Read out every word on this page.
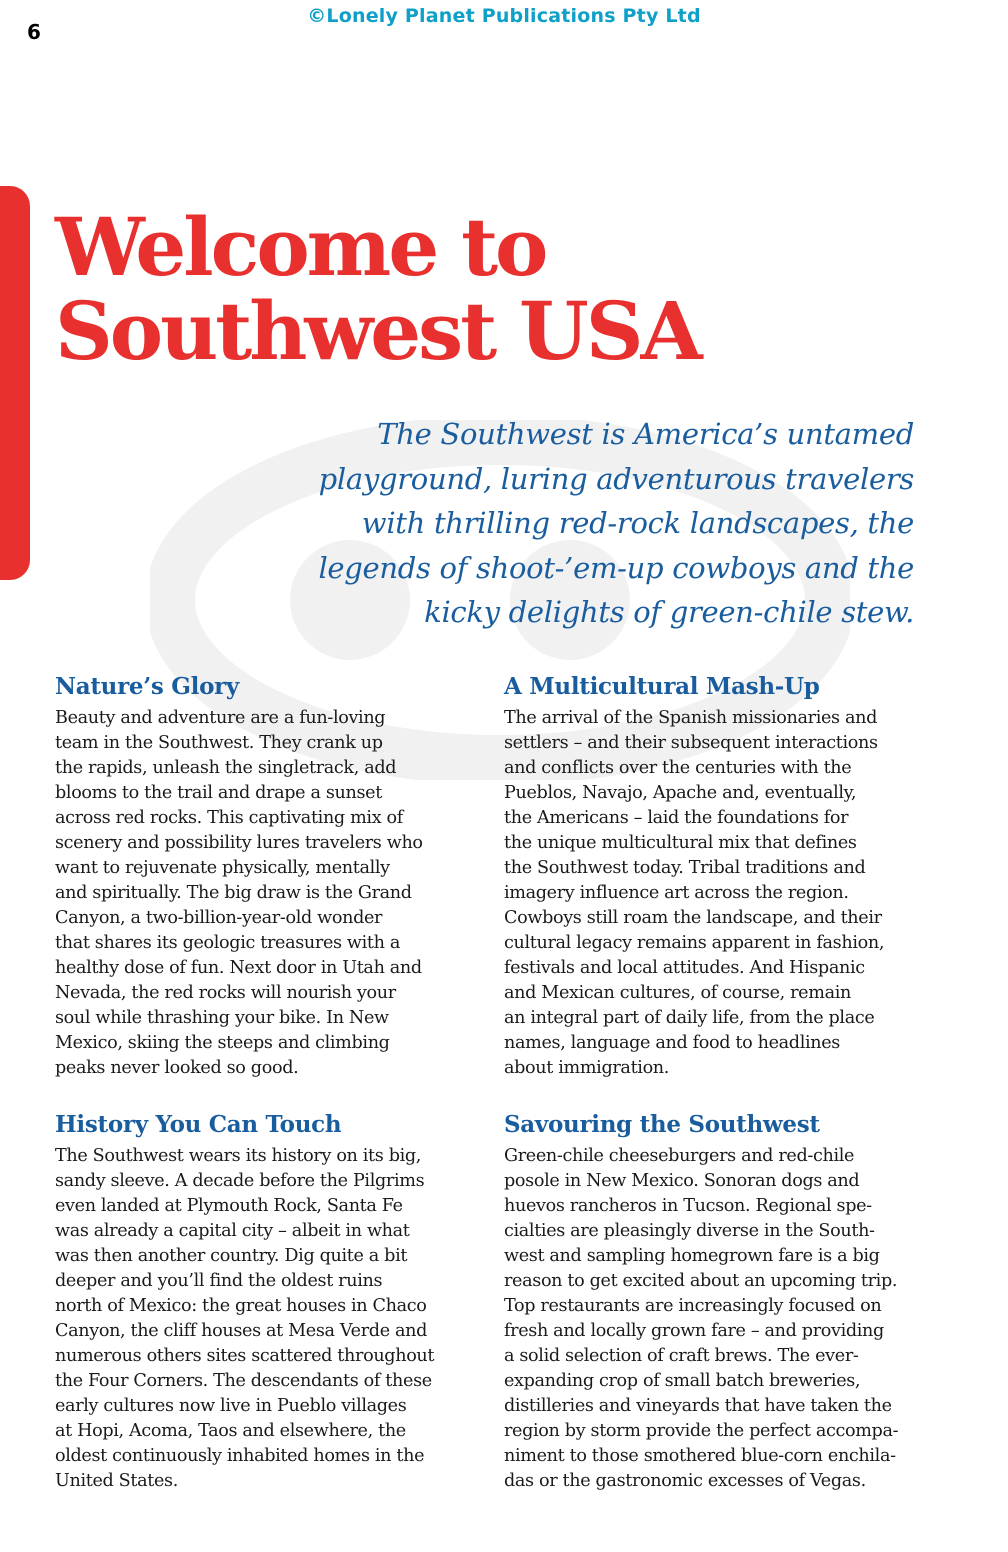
©Lonely Planet Publications Pty Ltd
6
Welcome to
Southwest USA

The Southwest is America’s untamed
playground, luring adventurous travelers
with thrilling red-rock landscapes, the
legends of shoot-’em-up cowboys and the
kicky delights of green-chile stew.

Nature’s Glory

Beauty and adventure are a fun-loving
team in the Southwest. They crank up
the rapids, unleash the singletrack, add
blooms to the trail and drape a sunset
across red rocks. This captivating mix of
scenery and possibility lures travelers who
want to rejuvenate physically, mentally
and spiritually. The big draw is the Grand
Canyon, a two-billion-year-old wonder
that shares its geologic treasures with a
healthy dose of fun. Next door in Utah and
Nevada, the red rocks will nourish your
soul while thrashing your bike. In New
Mexico, skiing the steeps and climbing
peaks never looked so good.

A Multicultural Mash-Up

The arrival of the Spanish missionaries and
settlers – and their subsequent interactions
and conflicts over the centuries with the
Pueblos, Navajo, Apache and, eventually,
the Americans – laid the foundations for
the unique multicultural mix that defines
the Southwest today. Tribal traditions and
imagery influence art across the region.
Cowboys still roam the landscape, and their
cultural legacy remains apparent in fashion,
festivals and local attitudes. And Hispanic
and Mexican cultures, of course, remain
an integral part of daily life, from the place
names, language and food to headlines
about immigration.

History You Can Touch

The Southwest wears its history on its big,
sandy sleeve. A decade before the Pilgrims
even landed at Plymouth Rock, Santa Fe
was already a capital city – albeit in what
was then another country. Dig quite a bit
deeper and you’ll find the oldest ruins
north of Mexico: the great houses in Chaco
Canyon, the cliff houses at Mesa Verde and
numerous others sites scattered throughout
the Four Corners. The descendants of these
early cultures now live in Pueblo villages
at Hopi, Acoma, Taos and elsewhere, the
oldest continuously inhabited homes in the
United States.

Savouring the Southwest

Green-chile cheeseburgers and red-chile
posole in New Mexico. Sonoran dogs and
huevos rancheros in Tucson. Regional spe-
cialties are pleasingly diverse in the South-
west and sampling homegrown fare is a big
reason to get excited about an upcoming trip.
Top restaurants are increasingly focused on
fresh and locally grown fare – and providing
a solid selection of craft brews. The ever-
expanding crop of small batch breweries,
distilleries and vineyards that have taken the
region by storm provide the perfect accompa-
niment to those smothered blue-corn enchila-
das or the gastronomic excesses of Vegas.
